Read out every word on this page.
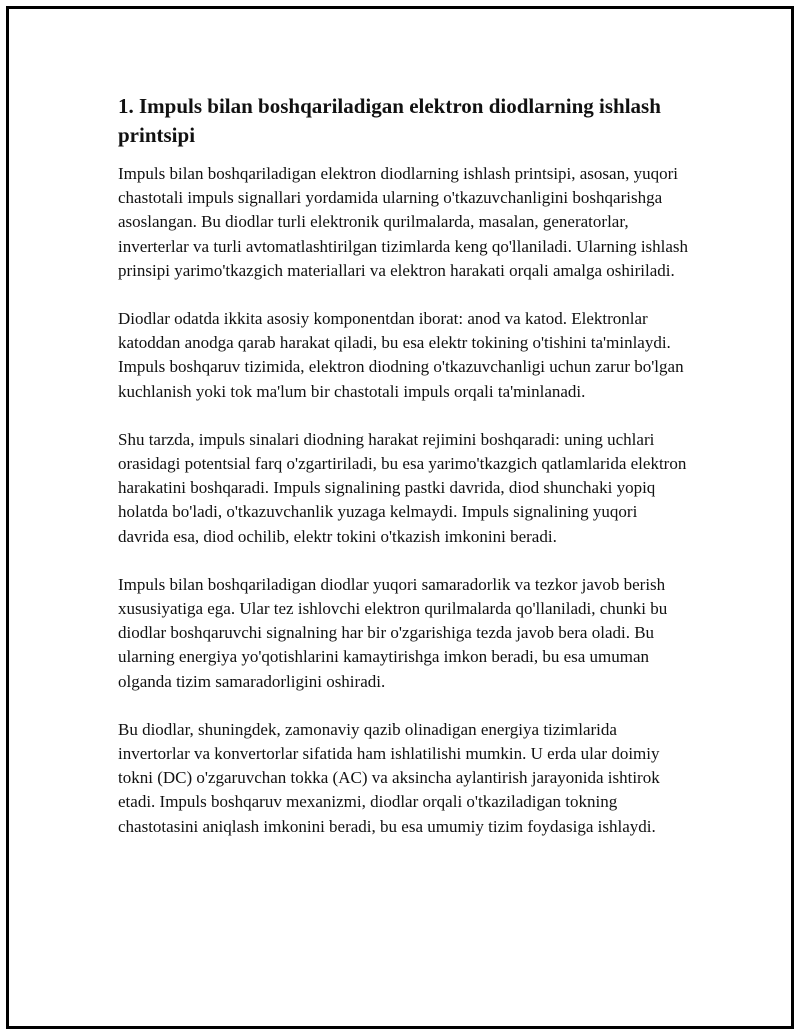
1. Impuls bilan boshqariladigan elektron diodlarning ishlash printsipi

Impuls bilan boshqariladigan elektron diodlarning ishlash printsipi, asosan, yuqori chastotali impuls signallari yordamida ularning o'tkazuvchanligini boshqarishga asoslangan. Bu diodlar turli elektronik qurilmalarda, masalan, generatorlar, inverterlar va turli avtomatlashtirilgan tizimlarda keng qo'llaniladi. Ularning ishlash prinsipi yarimo'tkazgich materiallari va elektron harakati orqali amalga oshiriladi.

Diodlar odatda ikkita asosiy komponentdan iborat: anod va katod. Elektronlar katoddan anodga qarab harakat qiladi, bu esa elektr tokining o'tishini ta'minlaydi. Impuls boshqaruv tizimida, elektron diodning o'tkazuvchanligi uchun zarur bo'lgan kuchlanish yoki tok ma'lum bir chastotali impuls orqali ta'minlanadi.

Shu tarzda, impuls sinalari diodning harakat rejimini boshqaradi: uning uchlari orasidagi potentsial farq o'zgartiriladi, bu esa yarimo'tkazgich qatlamlarida elektron harakatini boshqaradi. Impuls signalining pastki davrida, diod shunchaki yopiq holatda bo'ladi, o'tkazuvchanlik yuzaga kelmaydi. Impuls signalining yuqori davrida esa, diod ochilib, elektr tokini o'tkazish imkonini beradi.

Impuls bilan boshqariladigan diodlar yuqori samaradorlik va tezkor javob berish xususiyatiga ega. Ular tez ishlovchi elektron qurilmalarda qo'llaniladi, chunki bu diodlar boshqaruvchi signalning har bir o'zgarishiga tezda javob bera oladi. Bu ularning energiya yo'qotishlarini kamaytirishga imkon beradi, bu esa umuman olganda tizim samaradorligini oshiradi.

Bu diodlar, shuningdek, zamonaviy qazib olinadigan energiya tizimlarida invertorlar va konvertorlar sifatida ham ishlatilishi mumkin. U erda ular doimiy tokni (DC) o'zgaruvchan tokka (AC) va aksincha aylantirish jarayonida ishtirok etadi. Impuls boshqaruv mexanizmi, diodlar orqali o'tkaziladigan tokning chastotasini aniqlash imkonini beradi, bu esa umumiy tizim foydasiga ishlaydi.
